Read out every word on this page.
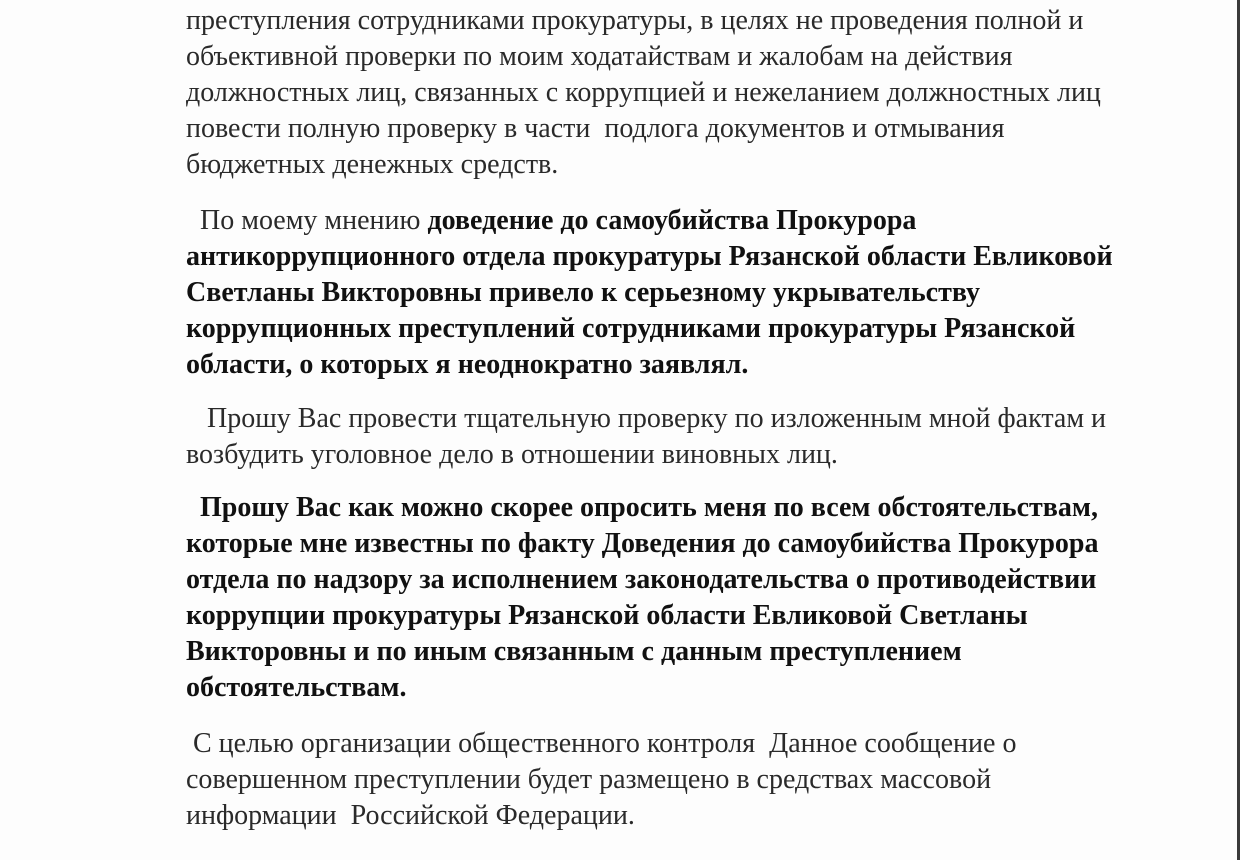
преступления сотрудниками прокуратуры, в целях не проведения полной и
объективной проверки по моим ходатайствам и жалобам на действия
должностных лиц, связанных с коррупцией и нежеланием должностных лиц
повести полную проверку в части  подлога документов и отмывания
бюджетных денежных средств.
По моему мнению доведение до самоубийства Прокурора
антикоррупционного отдела прокуратуры Рязанской области Евликовой
Светланы Викторовны привело к серьезному укрывательству
коррупционных преступлений сотрудниками прокуратуры Рязанской
области, о которых я неоднократно заявлял.
Прошу Вас провести тщательную проверку по изложенным мной фактам и
возбудить уголовное дело в отношении виновных лиц.
Прошу Вас как можно скорее опросить меня по всем обстоятельствам,
которые мне известны по факту Доведения до самоубийства Прокурора
отдела по надзору за исполнением законодательства о противодействии
коррупции прокуратуры Рязанской области Евликовой Светланы
Викторовны и по иным связанным с данным преступлением
обстоятельствам.
С целью организации общественного контроля  Данное сообщение о
совершенном преступлении будет размещено в средствах массовой
информации  Российской Федерации.
